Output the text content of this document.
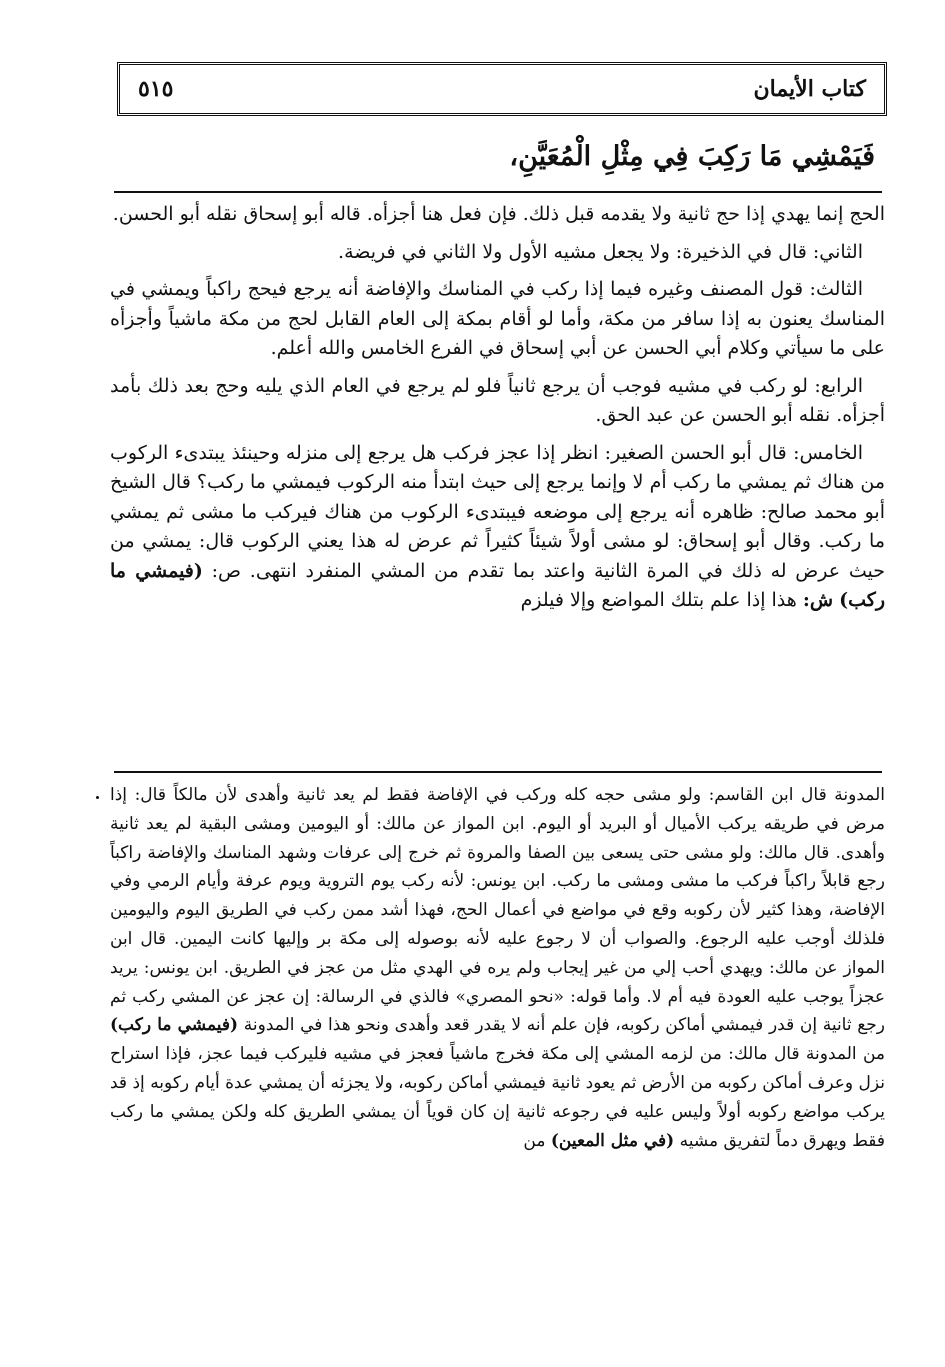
كتاب الأيمان
٥١٥
فَيَمْشِي مَا رَكِبَ فِي مِثْلِ الْمُعَيَّنِ،

الحج إنما يهدي إذا حج ثانية ولا يقدمه قبل ذلك. فإن فعل هنا أجزأه. قاله أبو إسحاق نقله أبو الحسن.

الثاني: قال في الذخيرة: ولا يجعل مشيه الأول ولا الثاني في فريضة.

الثالث: قول المصنف وغيره فيما إذا ركب في المناسك والإفاضة أنه يرجع فيحج راكباً ويمشي في المناسك يعنون به إذا سافر من مكة، وأما لو أقام بمكة إلى العام القابل لحج من مكة ماشياً وأجزأه على ما سيأتي وكلام أبي الحسن عن أبي إسحاق في الفرع الخامس والله أعلم.

الرابع: لو ركب في مشيه فوجب أن يرجع ثانياً فلو لم يرجع في العام الذي يليه وحج بعد ذلك بأمد أجزأه. نقله أبو الحسن عن عبد الحق.

الخامس: قال أبو الحسن الصغير: انظر إذا عجز فركب هل يرجع إلى منزله وحينئذ يبتدىء الركوب من هناك ثم يمشي ما ركب أم لا وإنما يرجع إلى حيث ابتدأ منه الركوب فيمشي ما ركب؟ قال الشيخ أبو محمد صالح: ظاهره أنه يرجع إلى موضعه فيبتدىء الركوب من هناك فيركب ما مشى ثم يمشي ما ركب. وقال أبو إسحاق: لو مشى أولاً شيئاً كثيراً ثم عرض له هذا يعني الركوب قال: يمشي من حيث عرض له ذلك في المرة الثانية واعتد بما تقدم من المشي المنفرد انتهى. ص: (فيمشي ما ركب) ش: هذا إذا علم بتلك المواضع وإلا فيلزم

المدونة قال ابن القاسم: ولو مشى حجه كله وركب في الإفاضة فقط لم يعد ثانية وأهدى لأن مالكاً قال: إذا مرض في طريقه يركب الأميال أو البريد أو اليوم. ابن المواز عن مالك: أو اليومين ومشى البقية لم يعد ثانية وأهدى. قال مالك: ولو مشى حتى يسعى بين الصفا والمروة ثم خرج إلى عرفات وشهد المناسك والإفاضة راكباً رجع قابلاً راكباً فركب ما مشى ومشى ما ركب. ابن يونس: لأنه ركب يوم التروية ويوم عرفة وأيام الرمي وفي الإفاضة، وهذا كثير لأن ركوبه وقع في مواضع في أعمال الحج، فهذا أشد ممن ركب في الطريق اليوم واليومين فلذلك أوجب عليه الرجوع. والصواب أن لا رجوع عليه لأنه بوصوله إلى مكة بر وإليها كانت اليمين. قال ابن المواز عن مالك: ويهدي أحب إلي من غير إيجاب ولم يره في الهدي مثل من عجز في الطريق. ابن يونس: يريد عجزاً يوجب عليه العودة فيه أم لا. وأما قوله: «نحو المصري» فالذي في الرسالة: إن عجز عن المشي ركب ثم رجع ثانية إن قدر فيمشي أماكن ركوبه، فإن علم أنه لا يقدر قعد وأهدى ونحو هذا في المدونة (فيمشي ما ركب) من المدونة قال مالك: من لزمه المشي إلى مكة فخرج ماشياً فعجز في مشيه فليركب فيما عجز، فإذا استراح نزل وعرف أماكن ركوبه من الأرض ثم يعود ثانية فيمشي أماكن ركوبه، ولا يجزئه أن يمشي عدة أيام ركوبه إذ قد يركب مواضع ركوبه أولاً وليس عليه في رجوعه ثانية إن كان قوياً أن يمشي الطريق كله ولكن يمشي ما ركب فقط ويهرق دماً لتفريق مشيه (في مثل المعين) من
